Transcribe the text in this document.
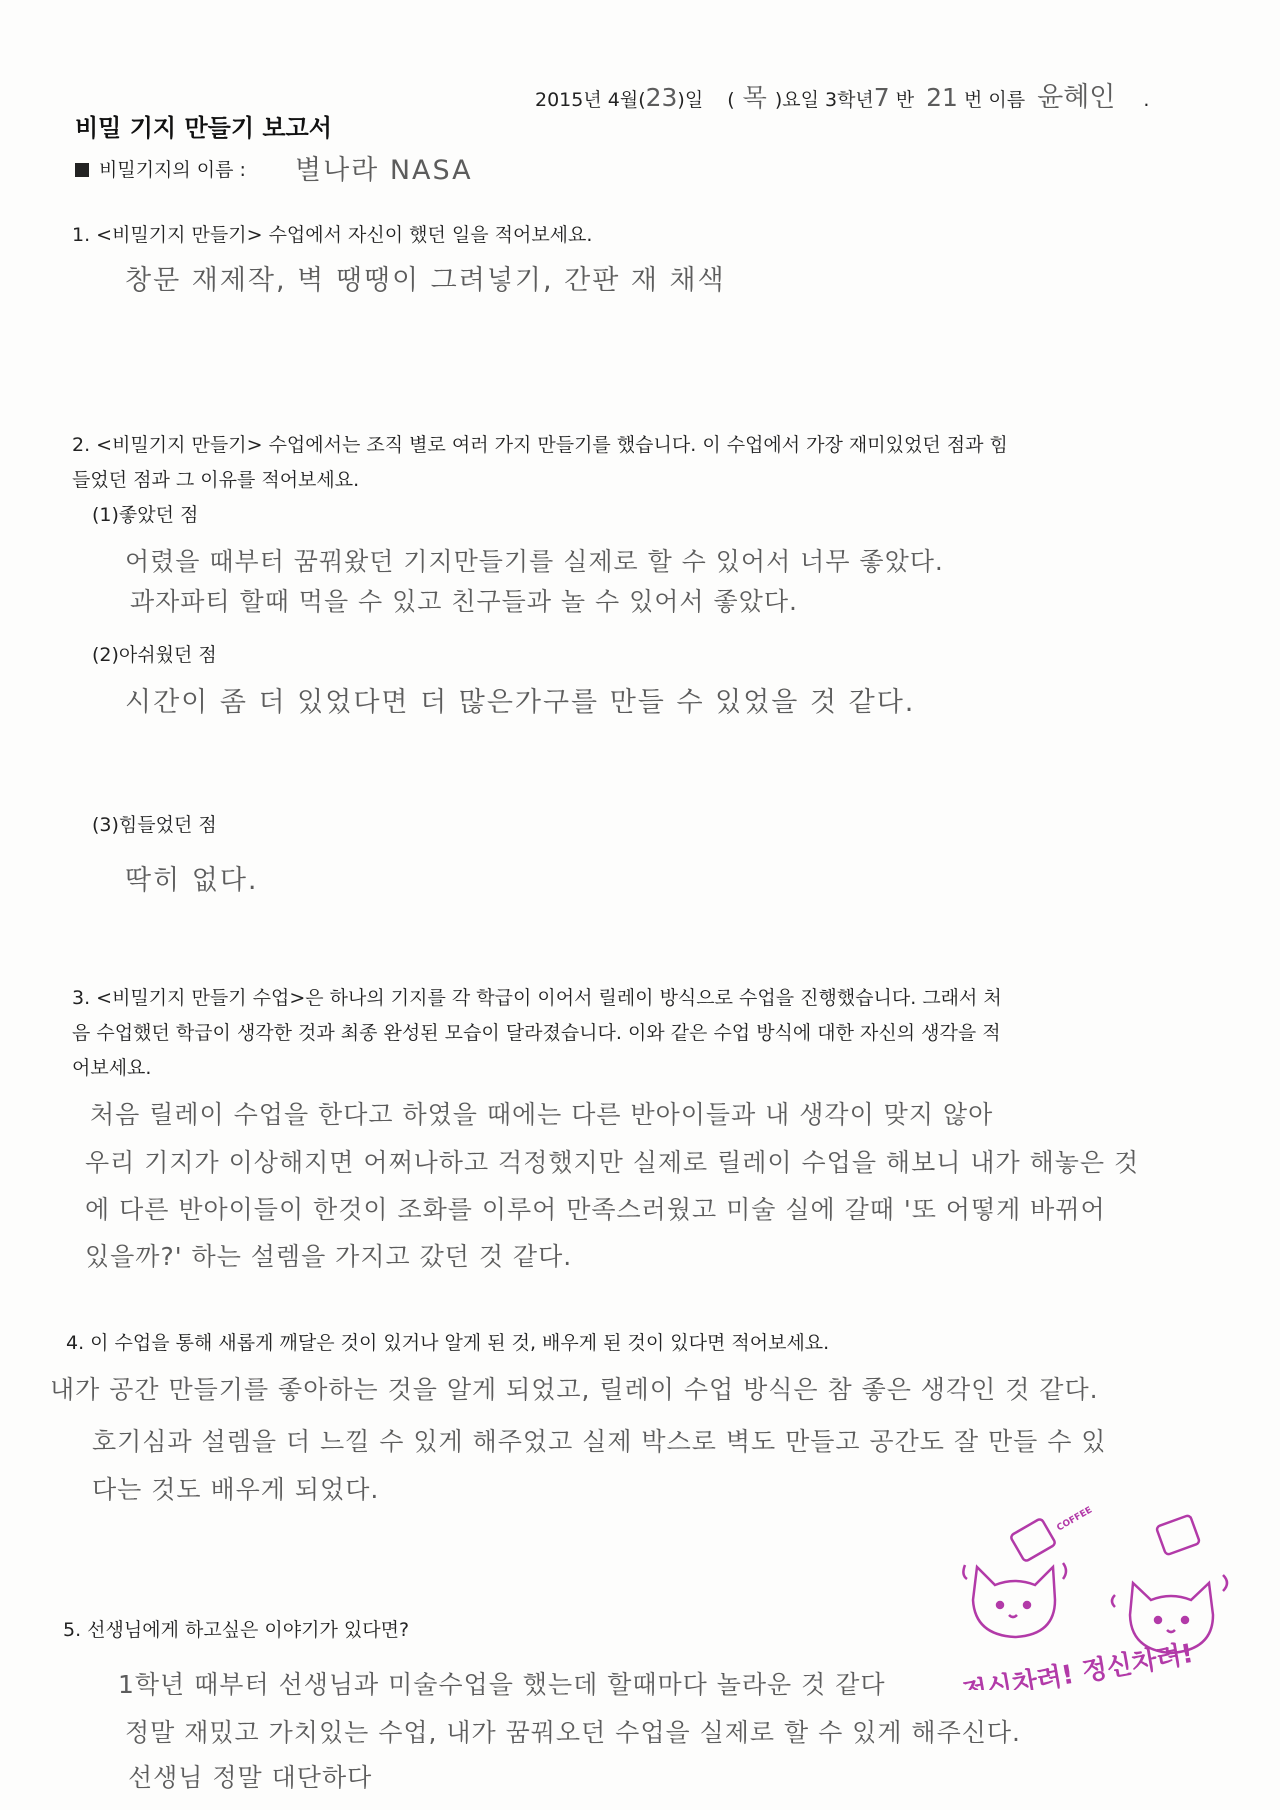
2015년 4월(23)일 ( 목 )요일 3학년7 반 21 번 이름 윤혜인 .
비밀 기지 만들기 보고서
비밀기지의 이름 : 별나라 NASA
1. <비밀기지 만들기> 수업에서 자신이 했던 일을 적어보세요.
창문 재제작, 벽 땡땡이 그려넣기, 간판 재 채색
2. <비밀기지 만들기> 수업에서는 조직 별로 여러 가지 만들기를 했습니다. 이 수업에서 가장 재미있었던 점과 힘
들었던 점과 그 이유를 적어보세요.
(1)좋았던 점
어렸을 때부터 꿈꿔왔던 기지만들기를 실제로 할 수 있어서 너무 좋았다.
과자파티 할때 먹을 수 있고 친구들과 놀 수 있어서 좋았다.
(2)아쉬웠던 점
시간이 좀 더 있었다면 더 많은가구를 만들 수 있었을 것 같다.
(3)힘들었던 점
딱히 없다.
3. <비밀기지 만들기 수업>은 하나의 기지를 각 학급이 이어서 릴레이 방식으로 수업을 진행했습니다. 그래서 처
음 수업했던 학급이 생각한 것과 최종 완성된 모습이 달라졌습니다. 이와 같은 수업 방식에 대한 자신의 생각을 적
어보세요.
처음 릴레이 수업을 한다고 하였을 때에는 다른 반아이들과 내 생각이 맞지 않아
우리 기지가 이상해지면 어쩌나하고 걱정했지만 실제로 릴레이 수업을 해보니 내가 해놓은 것
에 다른 반아이들이 한것이 조화를 이루어 만족스러웠고 미술 실에 갈때 '또 어떻게 바뀌어
있을까?' 하는 설렘을 가지고 갔던 것 같다.
4. 이 수업을 통해 새롭게 깨달은 것이 있거나 알게 된 것, 배우게 된 것이 있다면 적어보세요.
내가 공간 만들기를 좋아하는 것을 알게 되었고, 릴레이 수업 방식은 참 좋은 생각인 것 같다.
호기심과 설렘을 더 느낄 수 있게 해주었고 실제 박스로 벽도 만들고 공간도 잘 만들 수 있
다는 것도 배우게 되었다.
COFFEE
정신차려! 정신차려!
5. 선생님에게 하고싶은 이야기가 있다면?
1학년 때부터 선생님과 미술수업을 했는데 할때마다 놀라운 것 같다
정말 재밌고 가치있는 수업, 내가 꿈꿔오던 수업을 실제로 할 수 있게 해주신다.
선생님 정말 대단하다
